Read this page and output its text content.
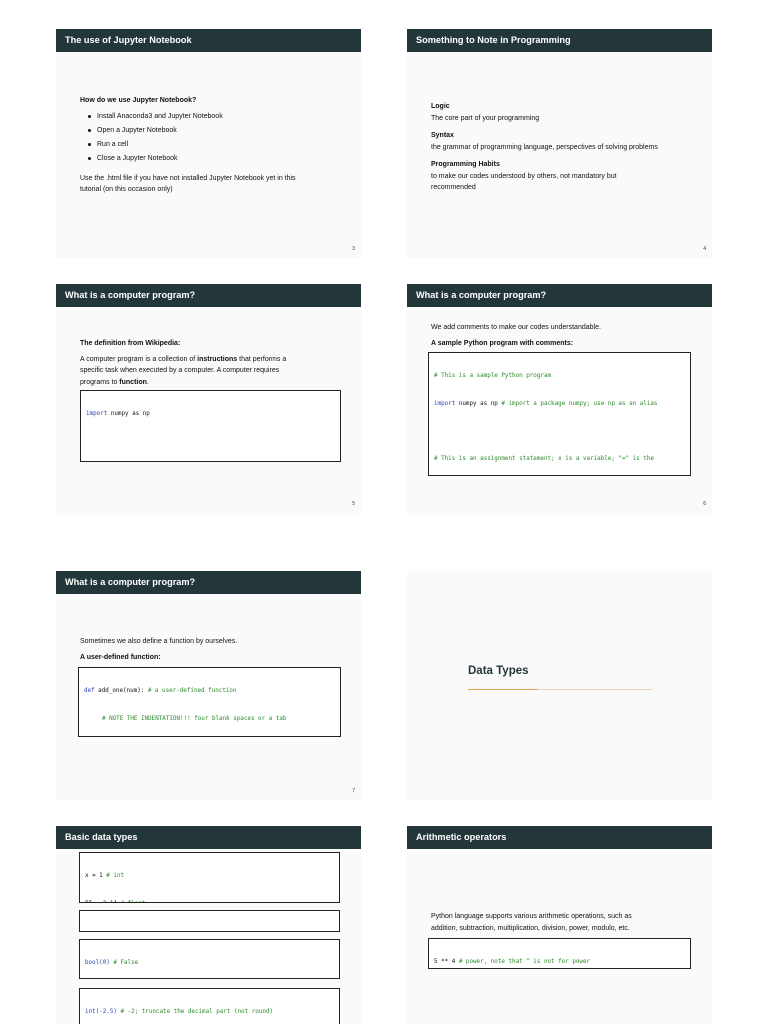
The use of Jupyter Notebook
How do we use Jupyter Notebook?
Install Anaconda3 and Jupyter Notebook
Open a Jupyter Notebook
Run a cell
Close a Jupyter Notebook
Use the .html file if you have not installed Jupyter Notebook yet in this
tutorial (on this occasion only)
3
Something to Note in Programming
Logic
The core part of your programming
Syntax
the grammar of programming language, perspectives of solving problems
Programming Habits
to make our codes understood by others, not mandatory but
recommended
4
What is a computer program?
The definition from Wikipedia:
A computer program is a collection of instructions that performs a
specific task when executed by a computer. A computer requires
programs to function.

import numpy as np

5
What is a computer program?
We add comments to make our codes understandable.
A sample Python program with comments:

# This is a sample Python program

import numpy as np # import a package numpy; use np as an alias

# This is an assignment statement; x is a variable; "=" is the

6
What is a computer program?
Sometimes we also define a function by ourselves.
A user-defined function:

def add_one(num): # a user-defined function

# NOTE THE INDENTATION!!! four blank spaces or a tab

7
Data Types
Basic data types

x = 1 # int

bool(0) # False

int(-2.5) # -2; truncate the decimal part (not round)

Arithmetic operators
Python language supports various arithmetic operations, such as
addition, subtraction, multiplication, division, power, modulo, etc.

5 ** 4 # power, note that ^ is not for power
